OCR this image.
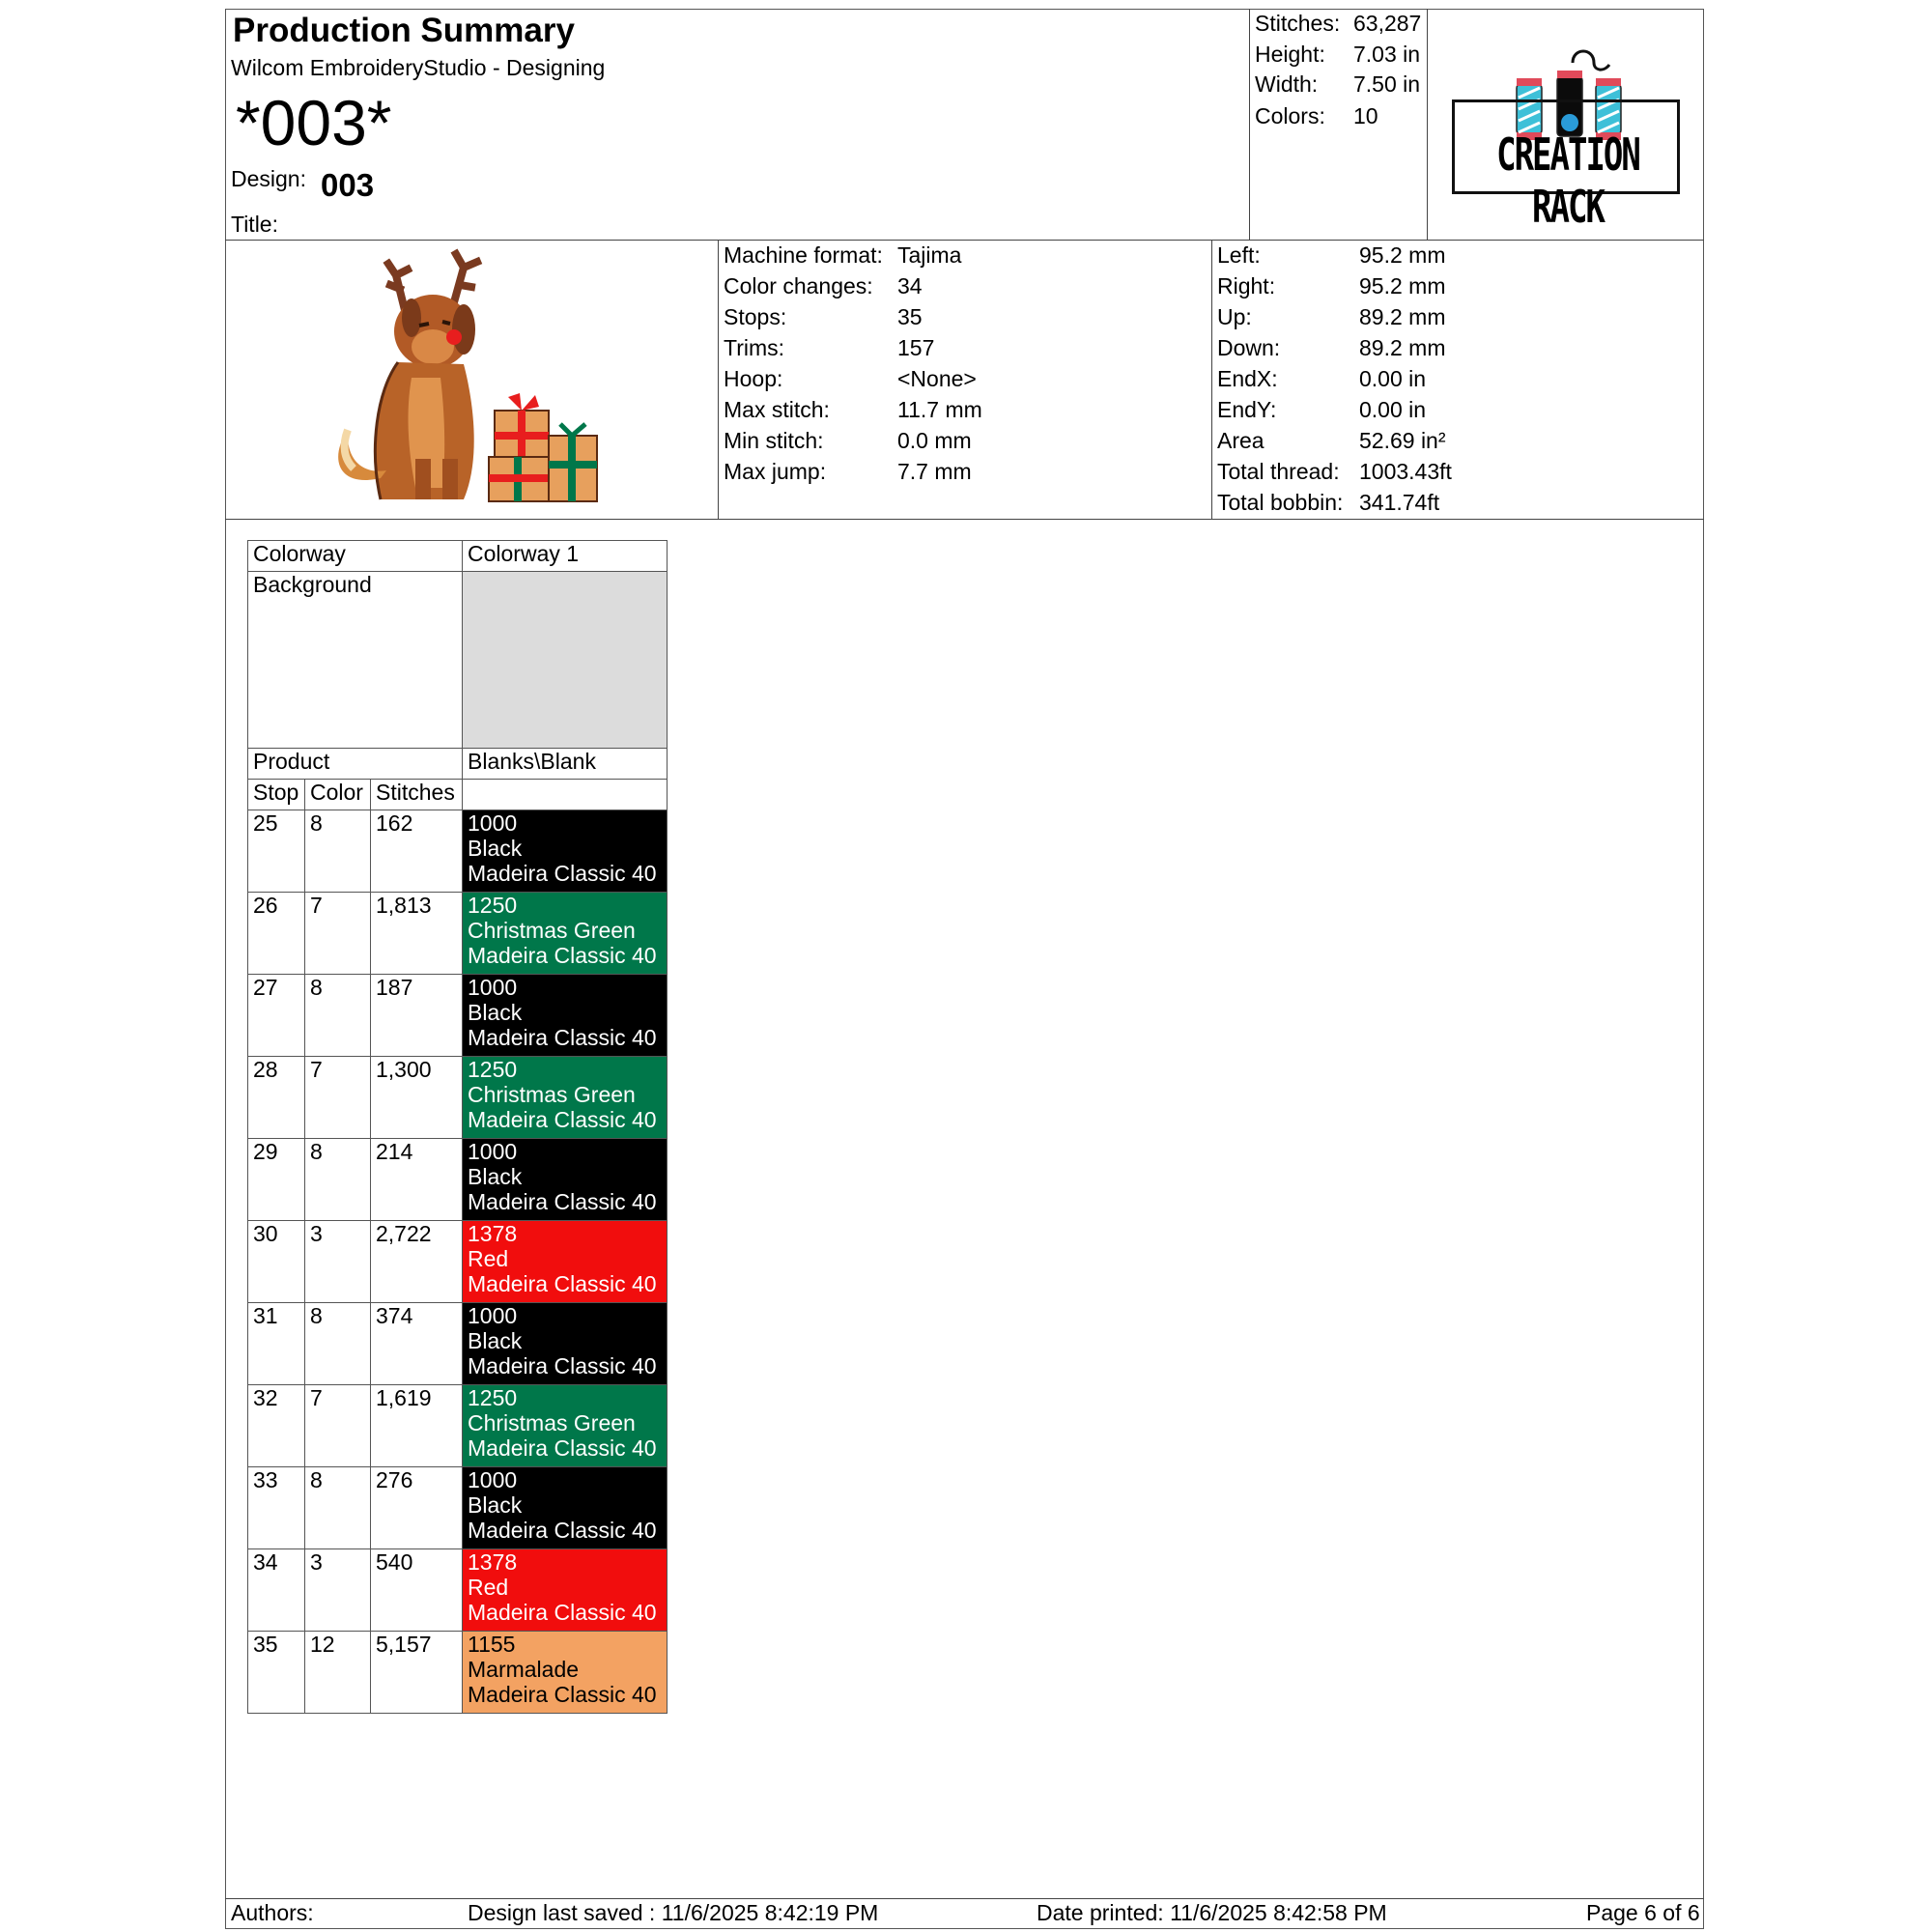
Production Summary
Wilcom EmbroideryStudio - Designing
*003*
Design: 003
Title:
Stitches: 63,287
Height: 7.03 in
Width: 7.50 in
Colors: 10
CREATION RACK
Machine format: Tajima
Color changes: 34
Stops:	35
Trims:	157
Hoop:	<None>
Max stitch:	11.7 mm
Min stitch:	0.0 mm
Max jump:	7.7 mm
Left:	95.2 mm
Right:	95.2 mm
Up:	89.2 mm
Down:	89.2 mm
EndX:	0.00 in
EndY:	0.00 in
Area	52.69 in²
Total thread: 1003.43ft
Total bobbin: 341.74ft
Colorway			Colorway 1
Background			
Product			Blanks\Blank
Stop	Color	Stitches	
25	8	162	1000
Black
Madeira Classic 40

26	7	1,813	1250
Christmas Green
Madeira Classic 40

27	8	187	1000
Black
Madeira Classic 40

28	7	1,300	1250
Christmas Green
Madeira Classic 40

29	8	214	1000
Black
Madeira Classic 40

30	3	2,722	1378
Red
Madeira Classic 40

31	8	374	1000
Black
Madeira Classic 40

32	7	1,619	1250
Christmas Green
Madeira Classic 40

33	8	276	1000
Black
Madeira Classic 40

34	3	540	1378
Red
Madeira Classic 40

35	12	5,157	1155
Marmalade
Madeira Classic 40
Authors:	Design last saved : 11/6/2025 8:42:19 PM	Date printed: 11/6/2025 8:42:58 PM	Page 6 of 6
